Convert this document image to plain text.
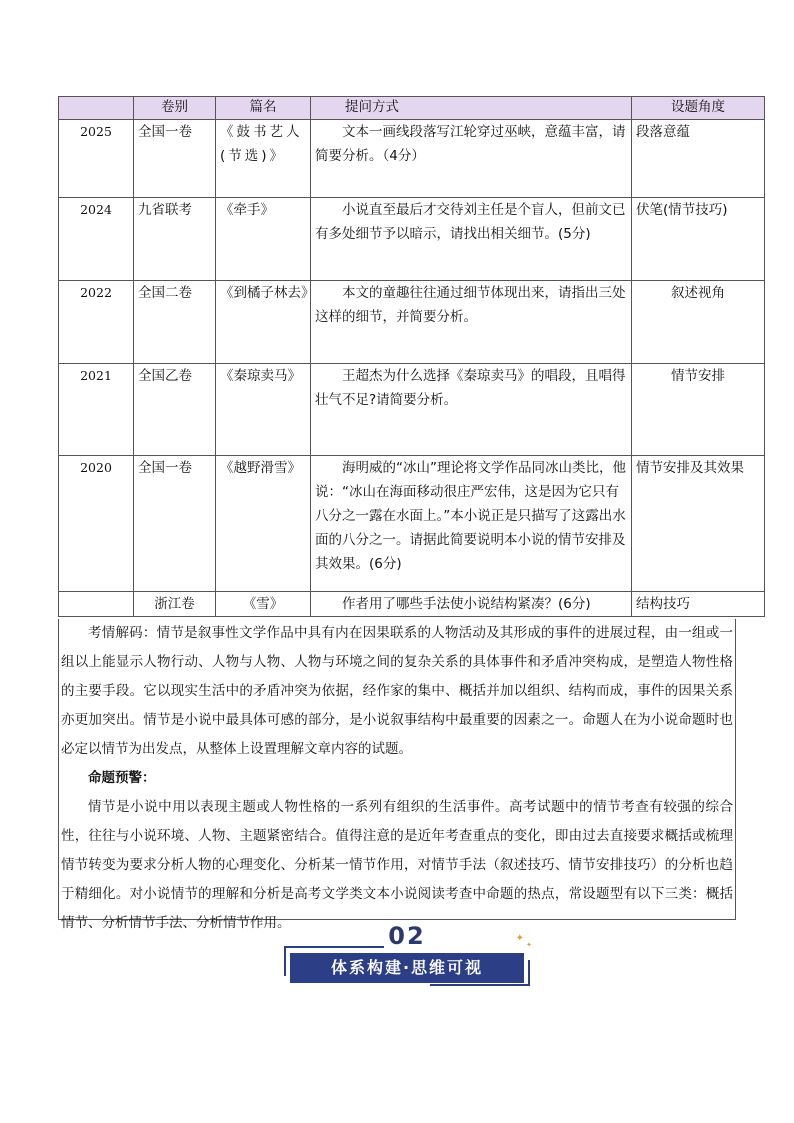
	卷别	篇名	提问方式	设题角度
2025	全国一卷	《鼓书艺人(节选)》	文本一画线段落写江轮穿过巫峡，意蕴丰富，请简要分析。（4分）	段落意蕴
2024	九省联考	《牵手》	小说直至最后才交待刘主任是个盲人，但前文已有多处细节予以暗示，请找出相关细节。(5分)	伏笔(情节技巧)
2022	全国二卷	《到橘子林去》	本文的童趣往往通过细节体现出来，请指出三处这样的细节，并简要分析。	叙述视角
2021	全国乙卷	《秦琼卖马》	王超杰为什么选择《秦琼卖马》的唱段，且唱得壮气不足?请简要分析。	情节安排
2020	全国一卷	《越野滑雪》	海明威的“冰山”理论将文学作品同冰山类比，他说：“冰山在海面移动很庄严宏伟，这是因为它只有八分之一露在水面上。”本小说正是只描写了这露出水面的八分之一。请据此简要说明本小说的情节安排及其效果。(6分)	情节安排及其效果
	浙江卷	《雪》	作者用了哪些手法使小说结构紧凑？(6分)	结构技巧

考情解码：情节是叙事性文学作品中具有内在因果联系的人物活动及其形成的事件的进展过程，由一组或一组以上能显示人物行动、人物与人物、人物与环境之间的复杂关系的具体事件和矛盾冲突构成，是塑造人物性格的主要手段。它以现实生活中的矛盾冲突为依据，经作家的集中、概括并加以组织、结构而成，事件的因果关系亦更加突出。情节是小说中最具体可感的部分，是小说叙事结构中最重要的因素之一。命题人在为小说命题时也必定以情节为出发点，从整体上设置理解文章内容的试题。

命题预警：

情节是小说中用以表现主题或人物性格的一系列有组织的生活事件。高考试题中的情节考查有较强的综合性，往往与小说环境、人物、主题紧密结合。值得注意的是近年考查重点的变化，即由过去直接要求概括或梳理情节转变为要求分析人物的心理变化、分析某一情节作用，对情节手法（叙述技巧、情节安排技巧）的分析也趋于精细化。对小说情节的理解和分析是高考文学类文本小说阅读考查中命题的热点，常设题型有以下三类：概括情节、分析情节手法、分析情节作用。	02
体系构建·思维可视
✦
✦
